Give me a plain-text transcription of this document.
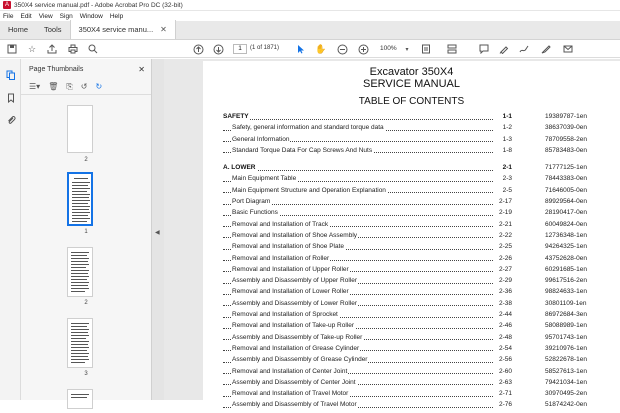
A 350X4 service manual.pdf - Adobe Acrobat Pro DC (32-bit)
File Edit View Sign Window Help
Home	Tools	350X4 service manu... ✕
☆	1	(1 of 1871)	✋	100%	▾
Page Thumbnails	✕
☰▾ 🗑 ⎘ ↺ ↻
2
1
2
3
◀
Excavator 350X4
SERVICE MANUAL
TABLE OF CONTENTS
SAFETY	1-1	19389787-1en
Safety, general information and standard torque data	1-2	38637039-0en
General Information	1-3	78709558-2en
Standard Torque Data For Cap Screws And Nuts	1-8	85783483-0en
A. LOWER	2-1	71777125-1en
Main Equipment Table	2-3	78443383-0en
Main Equipment Structure and Operation Explanation	2-5	71646005-0en
Port Diagram	2-17	89929564-0en
Basic Functions	2-19	28190417-0en
Removal and Installation of Track	2-21	60049824-0en
Removal and Installation of Shoe Assembly	2-22	12736348-1en
Removal and Installation of Shoe Plate	2-25	94264325-1en
Removal and Installation of Roller	2-26	43752628-0en
Removal and Installation of Upper Roller	2-27	60291685-1en
Assembly and Disassembly of Upper Roller	2-29	99617516-2en
Removal and Installation of Lower Roller	2-36	98824633-1en
Assembly and Disassembly of Lower Roller	2-38	30801109-1en
Removal and Installation of Sprocket	2-44	86972684-3en
Removal and Installation of Take-up Roller	2-46	58088989-1en
Assembly and Disassembly of Take-up Roller	2-48	95701743-1en
Removal and Installation of Grease Cylinder	2-54	39210976-1en
Assembly and Disassembly of Grease Cylinder	2-56	52822678-1en
Removal and Installation of Center Joint	2-60	58527613-1en
Assembly and Disassembly of Center Joint	2-63	79421034-1en
Removal and Installation of Travel Motor	2-71	30970495-2en
Assembly and Disassembly of Travel Motor	2-76	51874242-0en
